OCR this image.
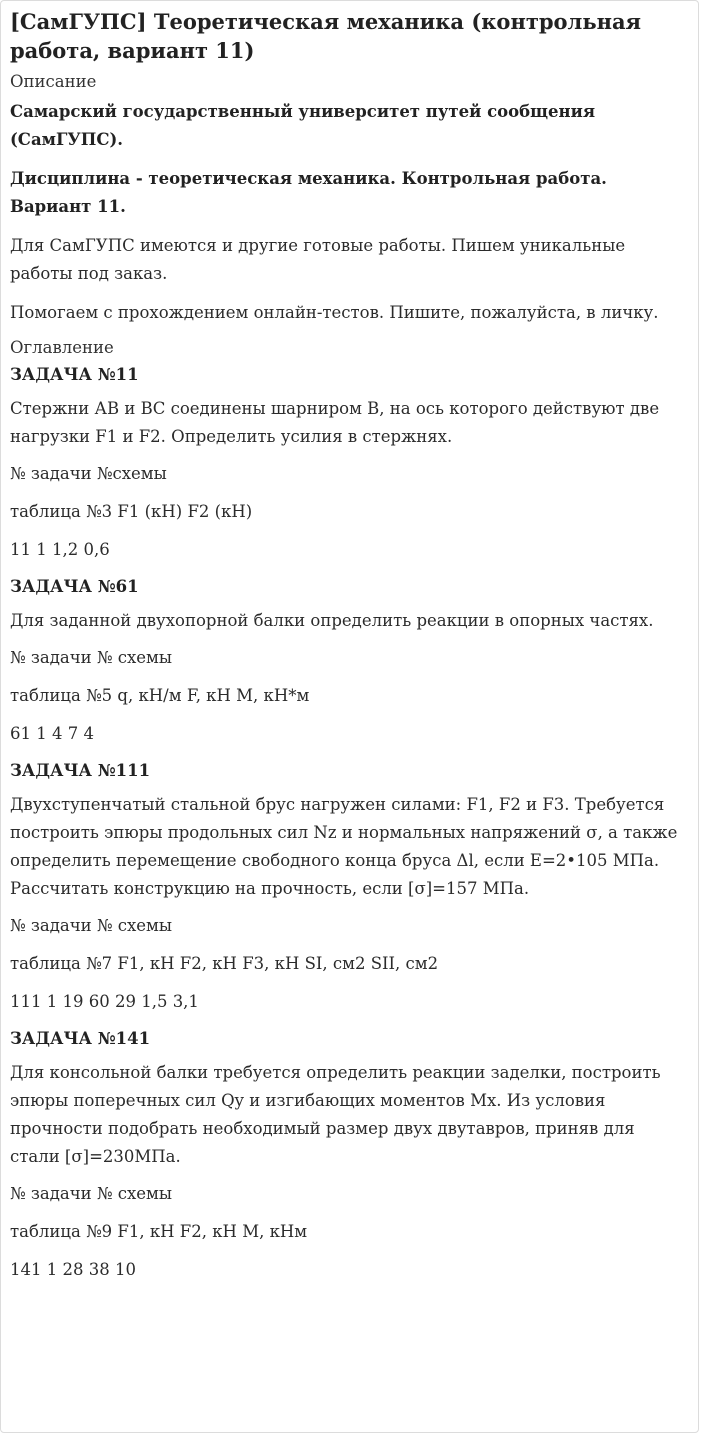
[СамГУПС] Теоретическая механика (контрольная работа, вариант 11)
Описание
Самарский государственный университет путей сообщения (СамГУПС).
Дисциплина - теоретическая механика. Контрольная работа. Вариант 11.
Для СамГУПС имеются и другие готовые работы. Пишем уникальные работы под заказ.
Помогаем с прохождением онлайн-тестов. Пишите, пожалуйста, в личку.
Оглавление
ЗАДАЧА №11
Стержни АВ и ВС соединены шарниром В, на ось которого действуют две нагрузки F1 и F2. Определить усилия в стержнях.
№ задачи №схемы
таблица №3 F1 (кН) F2 (кН)
11 1 1,2 0,6
ЗАДАЧА №61
Для заданной двухопорной балки определить реакции в опорных частях.
№ задачи № схемы
таблица №5 q, кН/м F, кН М, кН*м
61 1 4 7 4
ЗАДАЧА №111
Двухступенчатый стальной брус нагружен силами: F1, F2 и F3. Требуется построить эпюры продольных сил Nz и нормальных напряжений σ, а также определить перемещение свободного конца бруса Δl, если Е=2•105 МПа. Рассчитать конструкцию на прочность, если [σ]=157 МПа.
№ задачи № схемы
таблица №7 F1, кН F2, кН F3, кН SI, см2 SII, см2
111 1 19 60 29 1,5 3,1
ЗАДАЧА №141
Для консольной балки требуется определить реакции заделки, построить эпюры поперечных сил Qy и изгибающих моментов Мх. Из условия прочности подобрать необходимый размер двух двутавров, приняв для стали [σ]=230МПа.
№ задачи № схемы
таблица №9 F1, кН F2, кН М, кНм
141 1 28 38 10
